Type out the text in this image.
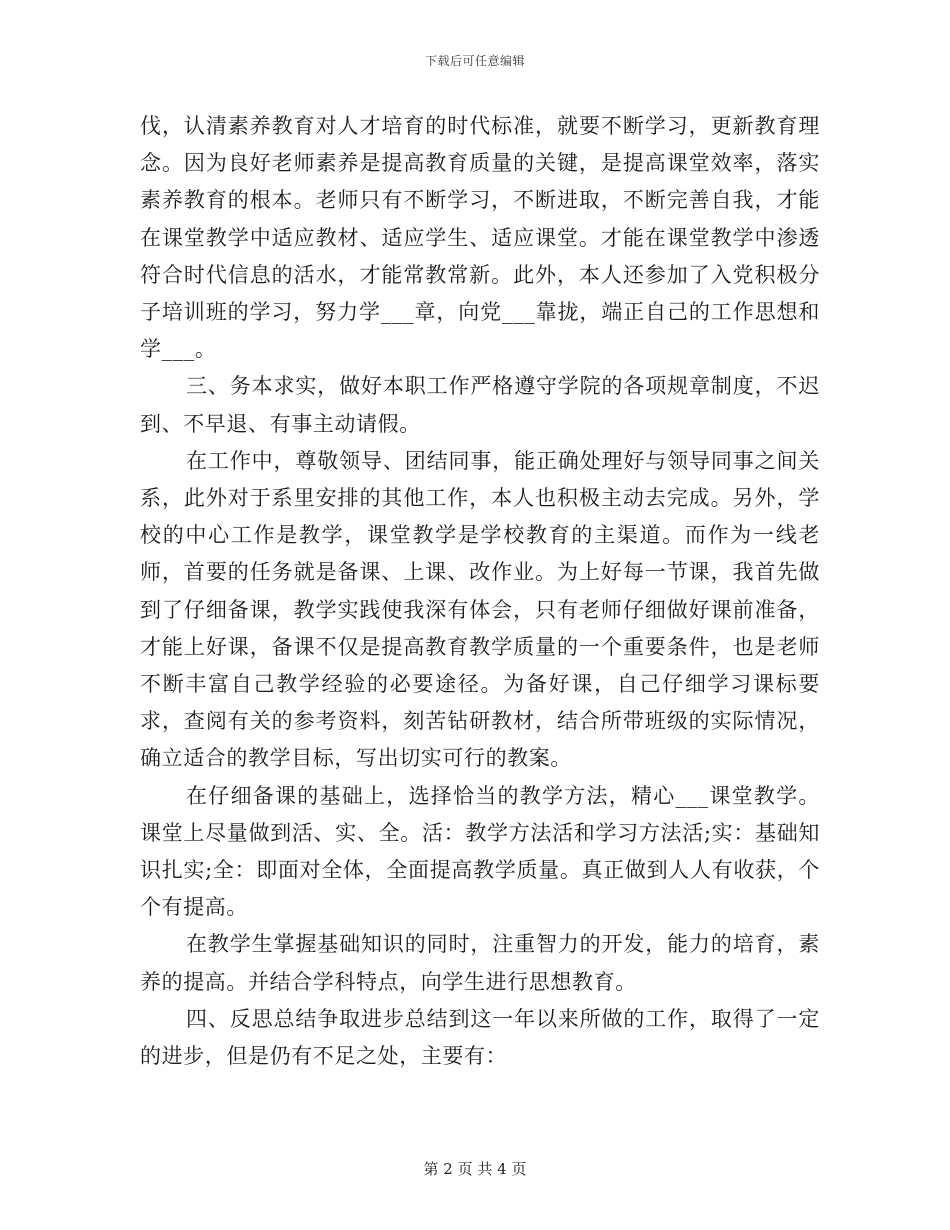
下载后可任意编辑

伐，认清素养教育对人才培育的时代标准，就要不断学习，更新教育理念。因为良好老师素养是提高教育质量的关键，是提高课堂效率，落实素养教育的根本。老师只有不断学习，不断进取，不断完善自我，才能在课堂教学中适应教材、适应学生、适应课堂。才能在课堂教学中渗透符合时代信息的活水，才能常教常新。此外，本人还参加了入党积极分子培训班的学习，努力学___章，向党___靠拢，端正自己的工作思想和学___。

三、务本求实，做好本职工作严格遵守学院的各项规章制度，不迟到、不早退、有事主动请假。

在工作中，尊敬领导、团结同事，能正确处理好与领导同事之间关系，此外对于系里安排的其他工作，本人也积极主动去完成。另外，学校的中心工作是教学，课堂教学是学校教育的主渠道。而作为一线老师，首要的任务就是备课、上课、改作业。为上好每一节课，我首先做到了仔细备课，教学实践使我深有体会，只有老师仔细做好课前准备，才能上好课，备课不仅是提高教育教学质量的一个重要条件，也是老师不断丰富自己教学经验的必要途径。为备好课，自己仔细学习课标要求，查阅有关的参考资料，刻苦钻研教材，结合所带班级的实际情况，确立适合的教学目标，写出切实可行的教案。

在仔细备课的基础上，选择恰当的教学方法，精心___课堂教学。课堂上尽量做到活、实、全。活：教学方法活和学习方法活;实：基础知识扎实;全：即面对全体，全面提高教学质量。真正做到人人有收获，个个有提高。

在教学生掌握基础知识的同时，注重智力的开发，能力的培育，素养的提高。并结合学科特点，向学生进行思想教育。

四、反思总结争取进步总结到这一年以来所做的工作，取得了一定的进步，但是仍有不足之处，主要有：

第 2 页 共 4 页
